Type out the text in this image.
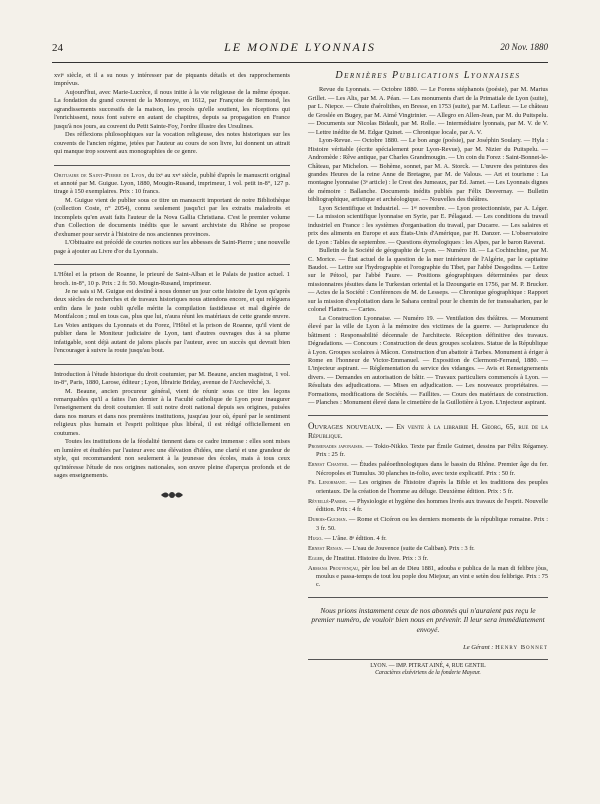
24	LE MONDE LYONNAIS	20 Nov. 1880

xviᵉ siècle, et il a su nous y intéresser par de piquants détails et des rapprochements imprévus.

Aujourd'hui, avec Marie-Lucrèce, il nous initie à la vie religieuse de la même époque. La fondation du grand couvent de la Monnoye, en 1612, par Françoise de Bermond, les agrandissements successifs de la maison, les procès qu'elle soutient, les réceptions qui l'enrichissent, nous font suivre en autant de chapitres, depuis sa propagation en France jusqu'à nos jours, au couvent du Petit Sainte-Foy, l'ordre illustre des Ursulines.

Des réflexions philosophiques sur la vocation religieuse, des notes historiques sur les couvents de l'ancien régime, jetées par l'auteur au cours de son livre, lui donnent un attrait qui manque trop souvent aux monographies de ce genre.

Obituaire de Saint-Pierre de Lyon, du ixᵉ au xvᵉ siècle, publié d'après le manuscrit original et annoté par M. Guigue. Lyon, 1880, Mougin-Rusand, imprimeur, 1 vol. petit in-8°, 127 p. tirage à 150 exemplaires. Prix : 10 francs.

M. Guigue vient de publier sous ce titre un manuscrit important de notre Bibliothèque (collection Coste, n° 2054), connu seulement jusqu'ici par les extraits maladroits et incomplets qu'en avait faits l'auteur de la Nova Gallia Christiana. C'est le premier volume d'un Collection de documents inédits que le savant archiviste du Rhône se propose d'exhumer pour servir à l'histoire de nos anciennes provinces.

L'Obituaire est précédé de courtes notices sur les abbesses de Saint-Pierre ; une nouvelle page à ajouter au Livre d'or du Lyonnais.

L'Hôtel et la prison de Roanne, le prieuré de Saint-Alban et le Palais de justice actuel. 1 broch. in-8°, 10 p. Prix : 2 fr. 50. Mougin-Rusand, imprimeur.

Je ne sais si M. Guigue est destiné à nous donner un jour cette histoire de Lyon qu'après deux siècles de recherches et de travaux historiques nous attendons encore, et qui reléguera enfin dans le juste oubli qu'elle mérite la compilation fastidieuse et mal digérée de Montfalcon ; mul en tous cas, plus que lui, n'aura réuni les matériaux de cette grande œuvre. Les Voies antiques du Lyonnais et du Forez, l'Hôtel et la prison de Roanne, qu'il vient de publier dans le Moniteur judiciaire de Lyon, tant d'autres ouvrages dus à sa plume infatigable, sont déjà autant de jalons placés par l'auteur, avec un succès qui devrait bien l'encourager à suivre la route jusqu'au bout.

Introduction à l'étude historique du droit coutumier, par M. Beaune, ancien magistrat, 1 vol. in-8°, Paris, 1880, Larose, éditeur ; Lyon, librairie Briday, avenue de l'Archevêché, 3.

M. Beaune, ancien procureur général, vient de réunir sous ce titre les leçons remarquables qu'il a faites l'an dernier à la Faculté catholique de Lyon pour inaugurer l'enseignement du droit coutumier. Il suit notre droit national depuis ses origines, puisées dans nos mœurs et dans nos premières institutions, jusqu'au jour où, épuré par le sentiment religieux plus humain et l'esprit politique plus libéral, il est rédigé officiellement en coutumes.

Toutes les institutions de la féodalité tiennent dans ce cadre immense : elles sont mises en lumière et étudiées par l'auteur avec une élévation d'idées, une clarté et une grandeur de style, qui recommandent non seulement à la jeunesse des écoles, mais à tous ceux qu'intéresse l'étude de nos origines nationales, son œuvre pleine d'aperçus profonds et de sages enseignements.

Dernières Publications Lyonnaises

Revue du Lyonnais. — Octobre 1880. — Le Forens stéphanois (poésie), par M. Marius Grillet. — Les Alis, par M. A. Péan. — Les monuments d'art de la Primatiale de Lyon (suite), par L. Niepce. — Chute d'aérolithes, en Bresse, en 1753 (suite), par M. Lafleur. — Le château de Groslée en Bugey, par M. Aimé Vingtrinier. — Allegro en Allen-Jean, par M. du Puitspelu. — Documents sur Nicolas Bidault, par M. Rolle. — Intermédiaire lyonnais, par M. V. de V. — Lettre inédite de M. Edgar Quinet. — Chronique locale, par A. V.

Lyon-Revue. — Octobre 1880. — Le bon ange (poésie), par Joséphin Soulary. — Hyla : Histoire véritable (écrite spécialement pour Lyon-Revue), par M. Nizier du Puitspelu. — Andromède : Rêve antique, par Charles Grandmougin. — Un coin du Forez : Saint-Bonnet-le-Château, par Michelon. — Bohème, sonnet, par M. A. Storck. — L'œuvre des peintures des grandes Heures de la reine Anne de Bretagne, par M. de Valous. — Art et tourisme : La montagne lyonnaise (3ᵉ article) : le Crest des Jumeaux, par Ed. Jamet. — Les Lyonnais dignes de mémoire : Ballanche. Documents inédits publiés par Félix Desvernay. — Bulletin bibliographique, artistique et archéologique. — Nouvelles des théâtres.

Lyon Scientifique et Industriel. — 1ᵉʳ novembre. — Lyon protectionniste, par A. Léger. — La mission scientifique lyonnaise en Syrie, par E. Pélagaud. — Les conditions du travail industriel en France : les systèmes d'organisation du travail, par Ducarre. — Les salaires et prix des aliments en Europe et aux États-Unis d'Amérique, par H. Danzer. — L'observatoire de Lyon : Tables de septembre. — Questions étymologiques : les Alpes, par le baron Raverat.

Bulletin de la Société de géographie de Lyon. — Numéro 18. — La Cochinchine, par M. C. Morice. — État actuel de la question de la mer intérieure de l'Algérie, par le capitaine Baudot. — Lettre sur l'hydrographie et l'orographie du Tibet, par l'abbé Desgodins. — Lettre sur le Pétool, par l'abbé Faure. — Positions géographiques déterminées par deux missionnaires jésuites dans le Turkestan oriental et la Dzoungarie en 1756, par M. P. Brucker. — Actes de la Société : Conférences de M. de Lesseps. — Chronique géographique : Rapport sur la mission d'exploitation dans le Sahara central pour le chemin de fer transsaharien, par le colonel Flatters. — Cartes.

La Construction Lyonnaise. — Numéro 19. — Ventilation des théâtres. — Monument élevé par la ville de Lyon à la mémoire des victimes de la guerre. — Jurisprudence du bâtiment : Responsabilité décennale de l'architecte. Réception définitive des travaux. Dégradations. — Concours : Construction de deux groupes scolaires. Statue de la République à Lyon. Groupes scolaires à Mâcon. Construction d'un abattoir à Tarbes. Monument à ériger à Rome en l'honneur de Victor-Emmanuel. — Exposition de Clermont-Ferrand, 1880. — L'injecteur aspirant. — Réglementation du service des vidanges. — Avis et Renseignements divers. — Demandes en autorisation de bâtir. — Travaux particuliers commencés à Lyon. — Résultats des adjudications. — Mises en adjudication. — Les nouveaux propriétaires. — Formations, modifications de Sociétés. — Faillites. — Cours des matériaux de construction. — Planches : Monument élevé dans le cimetière de la Guillotière à Lyon. L'injecteur aspirant.

Ouvrages nouveaux. — En vente à la librairie H. Georg, 65, rue de la République.
Promenades japonaises. — Tokio-Nikko. Texte par Émile Guimet, dessins par Félix Régamey. Prix : 25 fr.
Ernest Chantre. — Études paléoethnologiques dans le bassin du Rhône. Premier âge du fer. Nécropoles et Tumulus. 30 planches in-folio, avec texte explicatif. Prix : 50 fr.
Fr. Lenormant. — Les origines de l'histoire d'après la Bible et les traditions des peuples orientaux. De la création de l'homme au déluge. Deuxième édition. Prix : 5 fr.
Réveillé-Parise. — Physiologie et hygiène des hommes livrés aux travaux de l'esprit. Nouvelle édition. Prix : 4 fr.
Dubois-Guchan. — Rome et Cicéron ou les derniers moments de la république romaine. Prix : 3 fr. 50.
Hugo. — L'âne. 8ᵉ édition. 4 fr.
Ernest Renan. — L'eau de Jouvence (suite de Caliban). Prix : 3 fr.
Egger, de l'Institut. Histoire du livre. Prix : 3 fr.
Armana Prouvençau, pèr lou bel an de Dieu 1881, adouba e publica de la man di felibre jòus, moulus e passa-temps de tout lou pople dou Miejour, an vint e setèn dou felibrige. Prix : 75 c.
Nous prions instamment ceux de nos abonnés qui n'auraient pas reçu le premier numéro, de vouloir bien nous en prévenir. Il leur sera immédiatement envoyé.
Le Gérant : Henry Bonnet
LYON. — IMP. PITRAT AINÉ, 4, RUE GENTIL
Caractères elzéviriens de la fonderie Mayeur.
